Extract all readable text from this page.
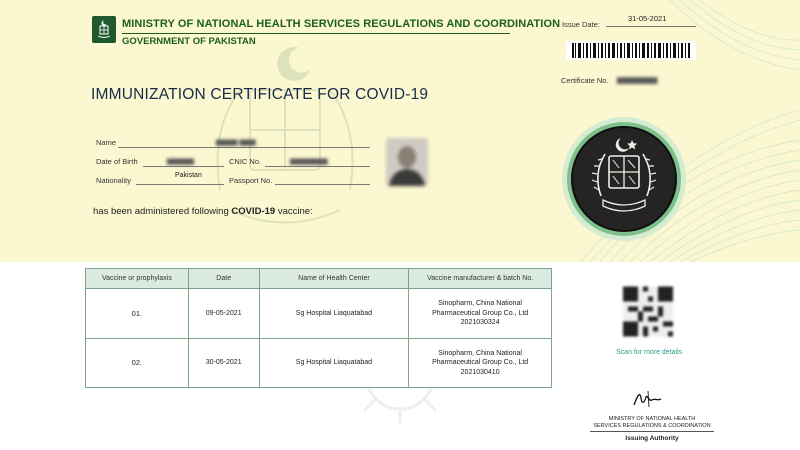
MINISTRY OF NATIONAL HEALTH SERVICES REGULATIONS AND COORDINATION
GOVERNMENT OF PAKISTAN
IMMUNIZATION CERTIFICATE FOR COVID-19
Name	▆▆▆▆ ▆▆▆
Date of Birth	▆▆▆▆▆	CNIC No.	▆▆▆▆▆▆▆
Nationality
Pakistan
Passport No.
has been administered following COVID-19 vaccine:
Issue Date:
31-05-2021
Certificate No. ▆▆▆▆▆▆▆
Vaccine or prophylaxis	Date	Name of Health Center	Vaccine manufacturer & batch No.
01.	09-05-2021	Sg Hospital Liaquatabad	Sinopharm, China National
Pharmaceutical Group Co., Ltd
2021030324

02.	30-05-2021	Sg Hospital Liaquatabad	Sinopharm, China National
Pharmaceutical Group Co., Ltd
2021030410
Scan for more details
MINISTRY OF NATIONAL HEALTH
SERVICES REGULATIONS & COORDINATION
Issuing Authority
